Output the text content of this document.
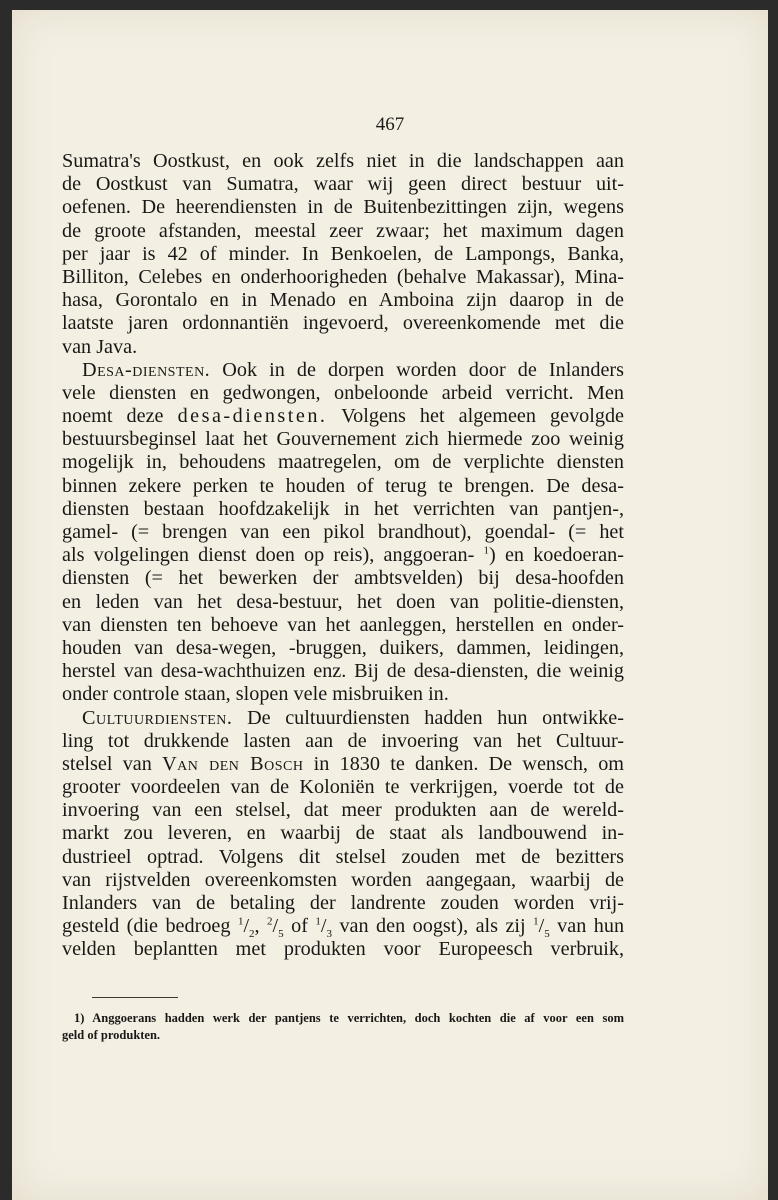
467
Sumatra's Oostkust, en ook zelfs niet in die landschappen aan
de Oostkust van Sumatra, waar wij geen direct bestuur uit-
oefenen. De heerendiensten in de Buitenbezittingen zijn, wegens
de groote afstanden, meestal zeer zwaar; het maximum dagen
per jaar is 42 of minder. In Benkoelen, de Lampongs, Banka,
Billiton, Celebes en onderhoorigheden (behalve Makassar), Mina-
hasa, Gorontalo en in Menado en Amboina zijn daarop in de
laatste jaren ordonnantiën ingevoerd, overeenkomende met die
van Java.
Desa-diensten. Ook in de dorpen worden door de Inlanders
vele diensten en gedwongen, onbeloonde arbeid verricht. Men
noemt deze desa-diensten. Volgens het algemeen gevolgde
bestuursbeginsel laat het Gouvernement zich hiermede zoo weinig
mogelijk in, behoudens maatregelen, om de verplichte diensten
binnen zekere perken te houden of terug te brengen. De desa-
diensten bestaan hoofdzakelijk in het verrichten van pantjen-,
gamel- (= brengen van een pikol brandhout), goendal- (= het
als volgelingen dienst doen op reis), anggoeran- $^1$) en koedoeran-
diensten (= het bewerken der ambtsvelden) bij desa-hoofden
en leden van het desa-bestuur, het doen van politie-diensten,
van diensten ten behoeve van het aanleggen, herstellen en onder-
houden van desa-wegen, -bruggen, duikers, dammen, leidingen,
herstel van desa-wachthuizen enz. Bij de desa-diensten, die weinig
onder controle staan, slopen vele misbruiken in.
Cultuurdiensten. De cultuurdiensten hadden hun ontwikke-
ling tot drukkende lasten aan de invoering van het Cultuur-
stelsel van Van den Bosch in 1830 te danken. De wensch, om
grooter voordeelen van de Koloniën te verkrijgen, voerde tot de
invoering van een stelsel, dat meer produkten aan de wereld-
markt zou leveren, en waarbij de staat als landbouwend in-
dustrieel optrad. Volgens dit stelsel zouden met de bezitters
van rijstvelden overeenkomsten worden aangegaan, waarbij de
Inlanders van de betaling der landrente zouden worden vrij-
gesteld (die bedroeg $^1/_2$, $^2/_5$ of $^1/_3$ van den oogst), als zij $^1/_5$ van hun
velden beplantten met produkten voor Europeesch verbruik,
1) Anggoerans hadden werk der pantjens te verrichten, doch kochten die af voor een som
geld of produkten.
